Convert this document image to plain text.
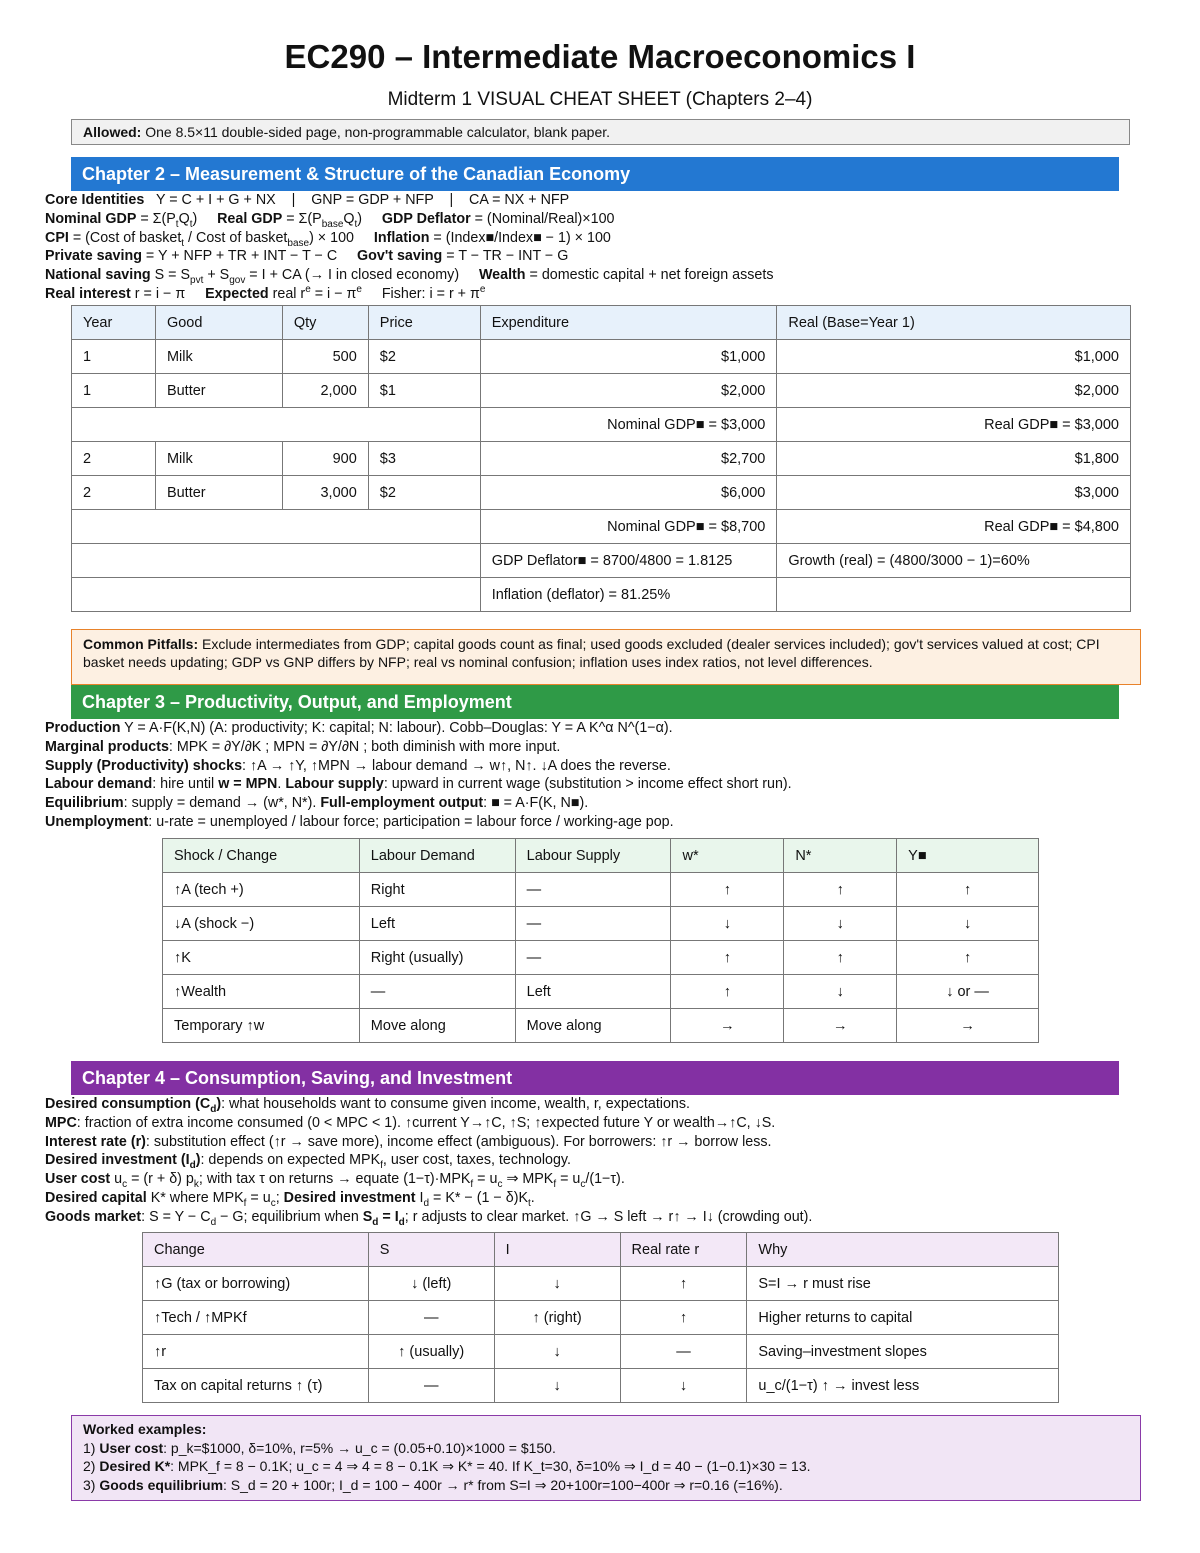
EC290 – Intermediate Macroeconomics I
Midterm 1 VISUAL CHEAT SHEET (Chapters 2–4)
Allowed: One 8.5×11 double-sided page, non-programmable calculator, blank paper.
Chapter 2 – Measurement & Structure of the Canadian Economy
Core Identities   Y = C + I + G + NX    |    GNP = GDP + NFP    |    CA = NX + NFP
Nominal GDP = $\Sigma(P_tQ_t)$     Real GDP = $\Sigma(P_{base}Q_t)$     GDP Deflator = (Nominal/Real)×100
CPI = (Cost of basket$_t$ / Cost of basket$_{base}$) × 100     Inflation = (Index■/Index■ − 1) × 100
Private saving = Y + NFP + TR + INT − T − C     Gov't saving = T − TR − INT − G
National saving $S = S_{pvt} + S_{gov} = I$ + CA (→ I in closed economy)     Wealth = domestic capital + net foreign assets
Real interest r = i − π     Expected real $r^e = i - \pi^e$     Fisher: $i = r + \pi^e$
Year	Good	Qty	Price	Expenditure	Real (Base=Year 1)
1	Milk	500	$2	$1,000	$1,000
1	Butter	2,000	$1	$2,000	$2,000
				Nominal GDP■ = $3,000	Real GDP■ = $3,000
2	Milk	900	$3	$2,700	$1,800
2	Butter	3,000	$2	$6,000	$3,000
				Nominal GDP■ = $8,700	Real GDP■ = $4,800
				GDP Deflator■ = 8700/4800 = 1.8125	Growth (real) = (4800/3000 − 1)=60%
				Inflation (deflator) = 81.25%	
Common Pitfalls: Exclude intermediates from GDP; capital goods count as final; used goods excluded (dealer services included); gov't services valued at cost; CPI basket needs updating; GDP vs GNP differs by NFP; real vs nominal confusion; inflation uses index ratios, not level differences.
Chapter 3 – Productivity, Output, and Employment
Production Y = A·F(K,N) (A: productivity; K: capital; N: labour). Cobb–Douglas: Y = A K^α N^(1−α).
Marginal products: MPK = ∂Y/∂K ; MPN = ∂Y/∂N ; both diminish with more input.
Supply (Productivity) shocks: ↑A → ↑Y, ↑MPN → labour demand → w↑, N↑. ↓A does the reverse.
Labour demand: hire until w = MPN. Labour supply: upward in current wage (substitution > income effect short run).
Equilibrium: supply = demand → (w*, N*). Full-employment output: ■ = A·F(K, N■).
Unemployment: u-rate = unemployed / labour force; participation = labour force / working-age pop.
Shock / Change	Labour Demand	Labour Supply	w*	N*	Y■
↑A (tech +)	Right	—	↑	↑	↑
↓A (shock −)	Left	—	↓	↓	↓
↑K	Right (usually)	—	↑	↑	↑
↑Wealth	—	Left	↑	↓	↓ or —
Temporary ↑w	Move along	Move along	→	→	→
Chapter 4 – Consumption, Saving, and Investment
Desired consumption $(C_d)$: what households want to consume given income, wealth, r, expectations.
MPC: fraction of extra income consumed (0 < MPC < 1). ↑current Y→↑C, ↑S; ↑expected future Y or wealth→↑C, ↓S.
Interest rate (r): substitution effect (↑r → save more), income effect (ambiguous). For borrowers: ↑r → borrow less.
Desired investment $(I_d)$: depends on expected $MPK_f$, user cost, taxes, technology.
User cost $u_c = (r + \delta)$ $p_k$; with tax τ on returns → equate $(1-\tau)\cdot MPK_f = u_c$ ⇒ $MPK_f = u_c/(1-\tau)$.
Desired capital K* where $MPK_f = u_c$; Desired investment $I_d = K* - (1 - \delta)K_t$.
Goods market: $S = Y - C_d - G$; equilibrium when $S_d = I_d$; r adjusts to clear market. ↑G → S left → r↑ → I↓ (crowding out).
Change	S	I	Real rate r	Why
↑G (tax or borrowing)	↓ (left)	↓	↑	S=I → r must rise
↑Tech / ↑MPKf	—	↑ (right)	↑	Higher returns to capital
↑r	↑ (usually)	↓	—	Saving–investment slopes
Tax on capital returns ↑ (τ)	—	↓	↓	u_c/(1−τ) ↑ → invest less
Worked examples:
1) User cost: p_k=$1000, δ=10%, r=5% → u_c = (0.05+0.10)×1000 = $150.
2) Desired K*: MPK_f = 8 − 0.1K; u_c = 4 ⇒ 4 = 8 − 0.1K ⇒ K* = 40. If K_t=30, δ=10% ⇒ I_d = 40 − (1−0.1)×30 = 13.
3) Goods equilibrium: S_d = 20 + 100r; I_d = 100 − 400r → r* from S=I ⇒ 20+100r=100−400r ⇒ r=0.16 (=16%).
